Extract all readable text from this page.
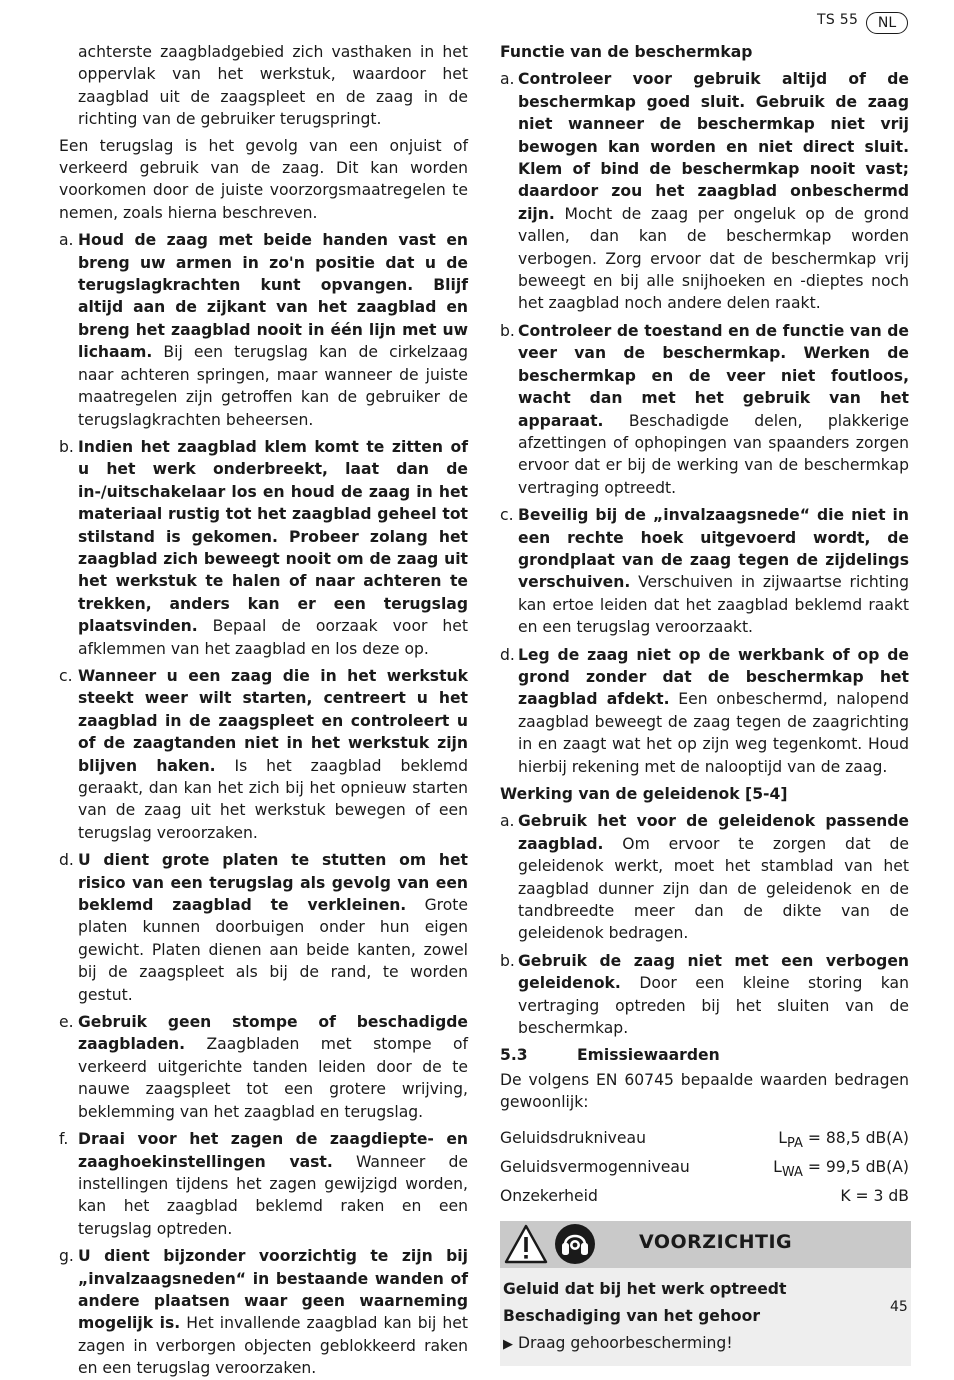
TS 55	NL

achterste zaagbladgebied zich vasthaken in het oppervlak van het werkstuk, waardoor het zaagblad uit de zaagspleet en de zaag in de richting van de gebruiker terugspringt.

Een terugslag is het gevolg van een onjuist of verkeerd gebruik van de zaag. Dit kan worden voorkomen door de juiste voorzorgsmaatregelen te nemen, zoals hierna beschreven.

a. Houd de zaag met beide handen vast en breng uw armen in zo'n positie dat u de terugslagkrachten kunt opvangen. Blijf altijd aan de zijkant van het zaagblad en breng het zaagblad nooit in één lijn met uw lichaam. Bij een terugslag kan de cirkelzaag naar achteren springen, maar wanneer de juiste maatregelen zijn getroffen kan de gebruiker de terugslagkrachten beheersen.
b. Indien het zaagblad klem komt te zitten of u het werk onderbreekt, laat dan de in-/uitschakelaar los en houd de zaag in het materiaal rustig tot het zaagblad geheel tot stilstand is gekomen. Probeer zolang het zaagblad zich beweegt nooit om de zaag uit het werkstuk te halen of naar achteren te trekken, anders kan er een terugslag plaatsvinden. Bepaal de oorzaak voor het afklemmen van het zaagblad en los deze op.
c. Wanneer u een zaag die in het werkstuk steekt weer wilt starten, centreert u het zaagblad in de zaagspleet en controleert u of de zaagtanden niet in het werkstuk zijn blijven haken. Is het zaagblad beklemd geraakt, dan kan het zich bij het opnieuw starten van de zaag uit het werkstuk bewegen of een terugslag veroorzaken.
d. U dient grote platen te stutten om het risico van een terugslag als gevolg van een beklemd zaagblad te verkleinen. Grote platen kunnen doorbuigen onder hun eigen gewicht. Platen dienen aan beide kanten, zowel bij de zaagspleet als bij de rand, te worden gestut.
e. Gebruik geen stompe of beschadigde zaagbladen. Zaagbladen met stompe of verkeerd uitgerichte tanden leiden door de te nauwe zaagspleet tot een grotere wrijving, beklemming van het zaagblad en terugslag.
f. Draai voor het zagen de zaagdiepte- en zaaghoekinstellingen vast. Wanneer de instellingen tijdens het zagen gewijzigd worden, kan het zaagblad beklemd raken en een terugslag optreden.
g. U dient bijzonder voorzichtig te zijn bij „invalzaagsneden“ in bestaande wanden of andere plaatsen waar geen waarneming mogelijk is. Het invallende zaagblad kan bij het zagen in verborgen objecten geblokkeerd raken en een terugslag veroorzaken.

Functie van de beschermkap

a. Controleer voor gebruik altijd of de beschermkap goed sluit. Gebruik de zaag niet wanneer de beschermkap niet vrij bewogen kan worden en niet direct sluit. Klem of bind de beschermkap nooit vast; daardoor zou het zaagblad onbeschermd zijn. Mocht de zaag per ongeluk op de grond vallen, dan kan de beschermkap worden verbogen. Zorg ervoor dat de beschermkap vrij beweegt en bij alle snijhoeken en -dieptes noch het zaagblad noch andere delen raakt.
b. Controleer de toestand en de functie van de veer van de beschermkap. Werken de beschermkap en de veer niet foutloos, wacht dan met het gebruik van het apparaat. Beschadigde delen, plakkerige afzettingen of ophopingen van spaanders zorgen ervoor dat er bij de werking van de beschermkap vertraging optreedt.
c. Beveilig bij de „invalzaagsnede“ die niet in een rechte hoek uitgevoerd wordt, de grondplaat van de zaag tegen de zijdelings verschuiven. Verschuiven in zijwaartse richting kan ertoe leiden dat het zaagblad beklemd raakt en een terugslag veroorzaakt.
d. Leg de zaag niet op de werkbank of op de grond zonder dat de beschermkap het zaagblad afdekt. Een onbeschermd, nalopend zaagblad beweegt de zaag tegen de zaagrichting in en zaagt wat het op zijn weg tegenkomt. Houd hierbij rekening met de nalooptijd van de zaag.

Werking van de geleidenok [5-4]

a. Gebruik het voor de geleidenok passende zaagblad. Om ervoor te zorgen dat de geleidenok werkt, moet het stamblad van het zaagblad dunner zijn dan de geleidenok en de tandbreedte meer dan de dikte van de geleidenok bedragen.
b. Gebruik de zaag niet met een verbogen geleidenok. Door een kleine storing kan vertraging optreden bij het sluiten van de beschermkap.
5.3	Emissiewaarden

De volgens EN 60745 bepaalde waarden bedragen gewoonlijk:

Geluidsdrukniveau	$L_{PA} = 88,5$ dB(A)
Geluidsvermogenniveau	$L_{WA} = 99,5$ dB(A)
Onzekerheid	K = 3 dB

VOORZICHTIG

Geluid dat bij het werk optreedt

Beschadiging van het gehoor

▶ Draag gehoorbescherming!

45
